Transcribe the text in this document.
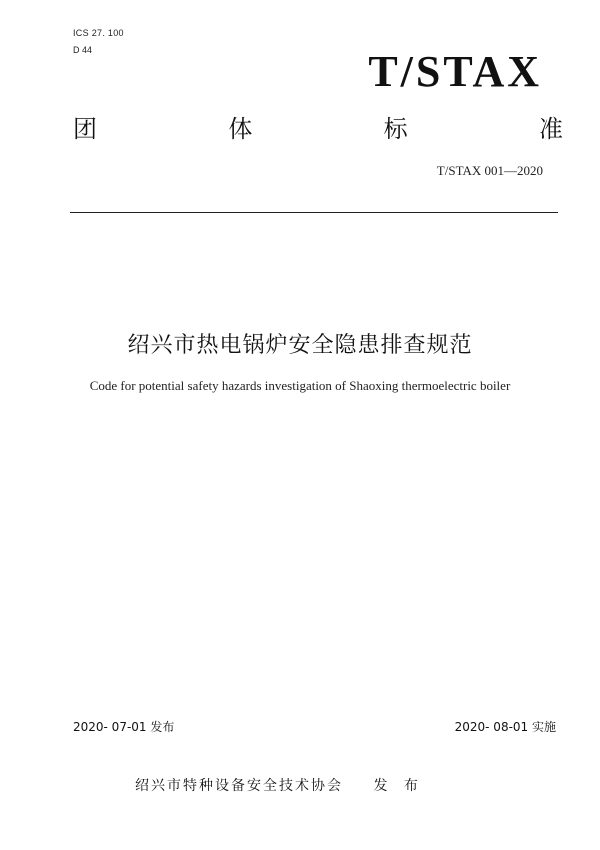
ICS 27. 100
D 44	T/STAX
团	体	标	准
T/STAX 001—2020
绍兴市热电锅炉安全隐患排查规范
Code for potential safety hazards investigation of Shaoxing thermoelectric boiler
2020- 07-01 发布	2020- 08-01 实施
绍兴市特种设备安全技术协会 发 布
